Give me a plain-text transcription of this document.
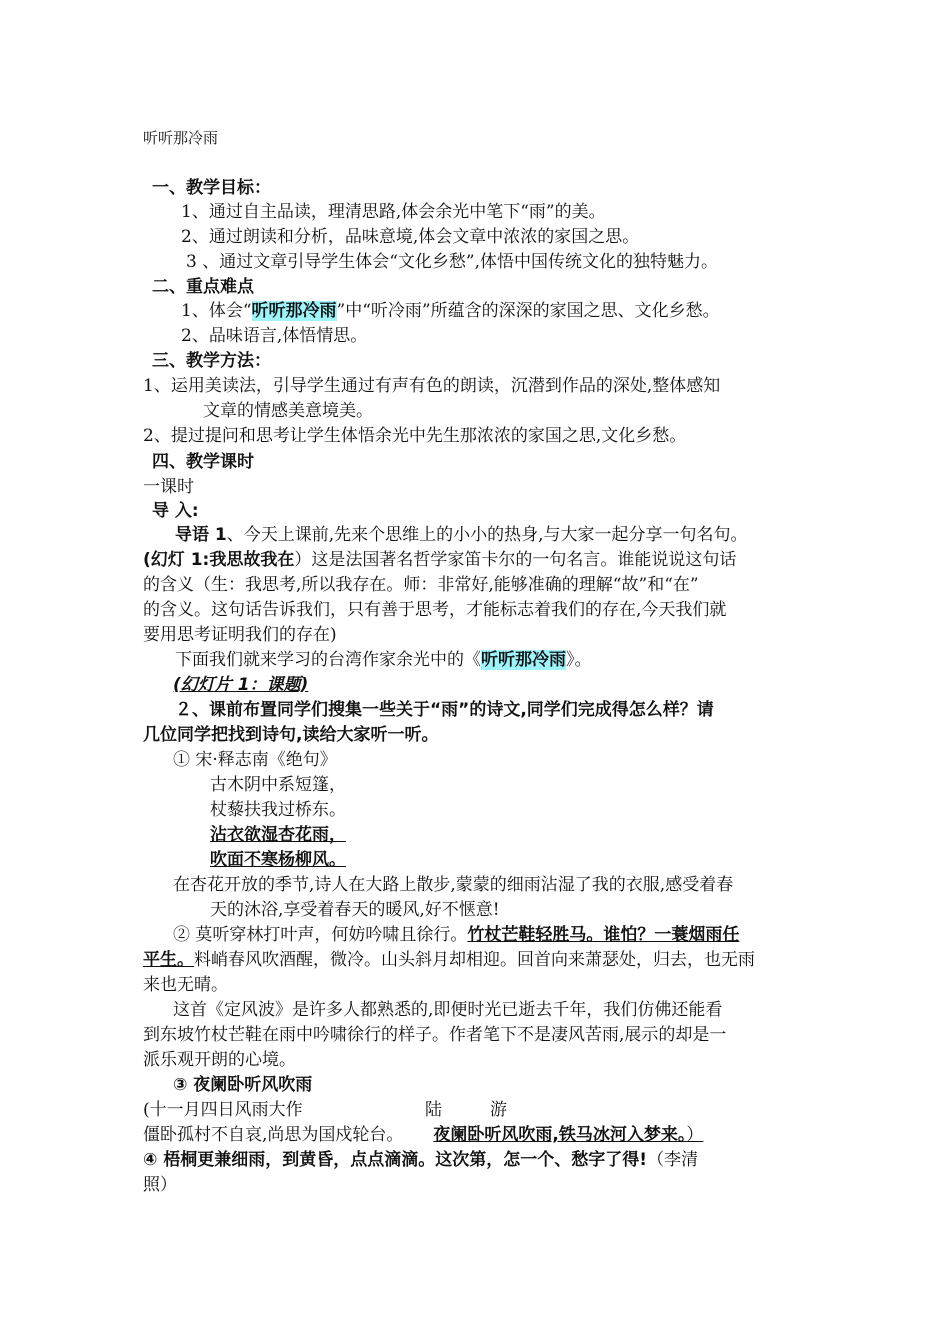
听听那冷雨
一、教学目标：
1、通过自主品读，理清思路,体会余光中笔下“雨”的美。
2、通过朗读和分析，品味意境,体会文章中浓浓的家国之思。
3 、通过文章引导学生体会“文化乡愁”,体悟中国传统文化的独特魅力。
二、重点难点
1、体会“听听那冷雨”中“听冷雨”所蕴含的深深的家国之思、文化乡愁。
2、品味语言,体悟情思。
三、教学方法：
1、运用美读法，引导学生通过有声有色的朗读，沉潜到作品的深处,整体感知
文章的情感美意境美。
2、提过提问和思考让学生体悟余光中先生那浓浓的家国之思,文化乡愁。
四、教学课时
一课时
导 入:
导语 1、今天上课前,先来个思维上的小小的热身,与大家一起分享一句名句。
(幻灯 1:我思故我在）这是法国著名哲学家笛卡尔的一句名言。谁能说说这句话
的含义（生：我思考,所以我存在。师：非常好,能够准确的理解“故”和“在”
的含义。这句话告诉我们，只有善于思考，才能标志着我们的存在,今天我们就
要用思考证明我们的存在)
下面我们就来学习的台湾作家余光中的《听听那冷雨》。
(幻灯片 1：课题)
２、课前布置同学们搜集一些关于“雨”的诗文,同学们完成得怎么样？请
几位同学把找到诗句,读给大家听一听。
① 宋·释志南《绝句》
古木阴中系短篷，
杖藜扶我过桥东。
沾衣欲湿杏花雨，
吹面不寒杨柳风。
在杏花开放的季节,诗人在大路上散步,蒙蒙的细雨沾湿了我的衣服,感受着春
天的沐浴,享受着春天的暖风,好不惬意!
② 莫听穿林打叶声，何妨吟啸且徐行。竹杖芒鞋轻胜马。谁怕？一蓑烟雨任
平生。料峭春风吹酒醒，微冷。山头斜月却相迎。回首向来萧瑟处，归去，也无雨
来也无晴。
这首《定风波》是许多人都熟悉的,即便时光已逝去千年，我们仿佛还能看
到东坡竹杖芒鞋在雨中吟啸徐行的样子。作者笔下不是凄风苦雨,展示的却是一
派乐观开朗的心境。
③ 夜阑卧听风吹雨
(十一月四日风雨大作	陆	游
僵卧孤村不自哀,尚思为国戍轮台。 夜阑卧听风吹雨,铁马冰河入梦来。）
④ 梧桐更兼细雨，到黄昏，点点滴滴。这次第，怎一个、愁字了得!（李清
照）
